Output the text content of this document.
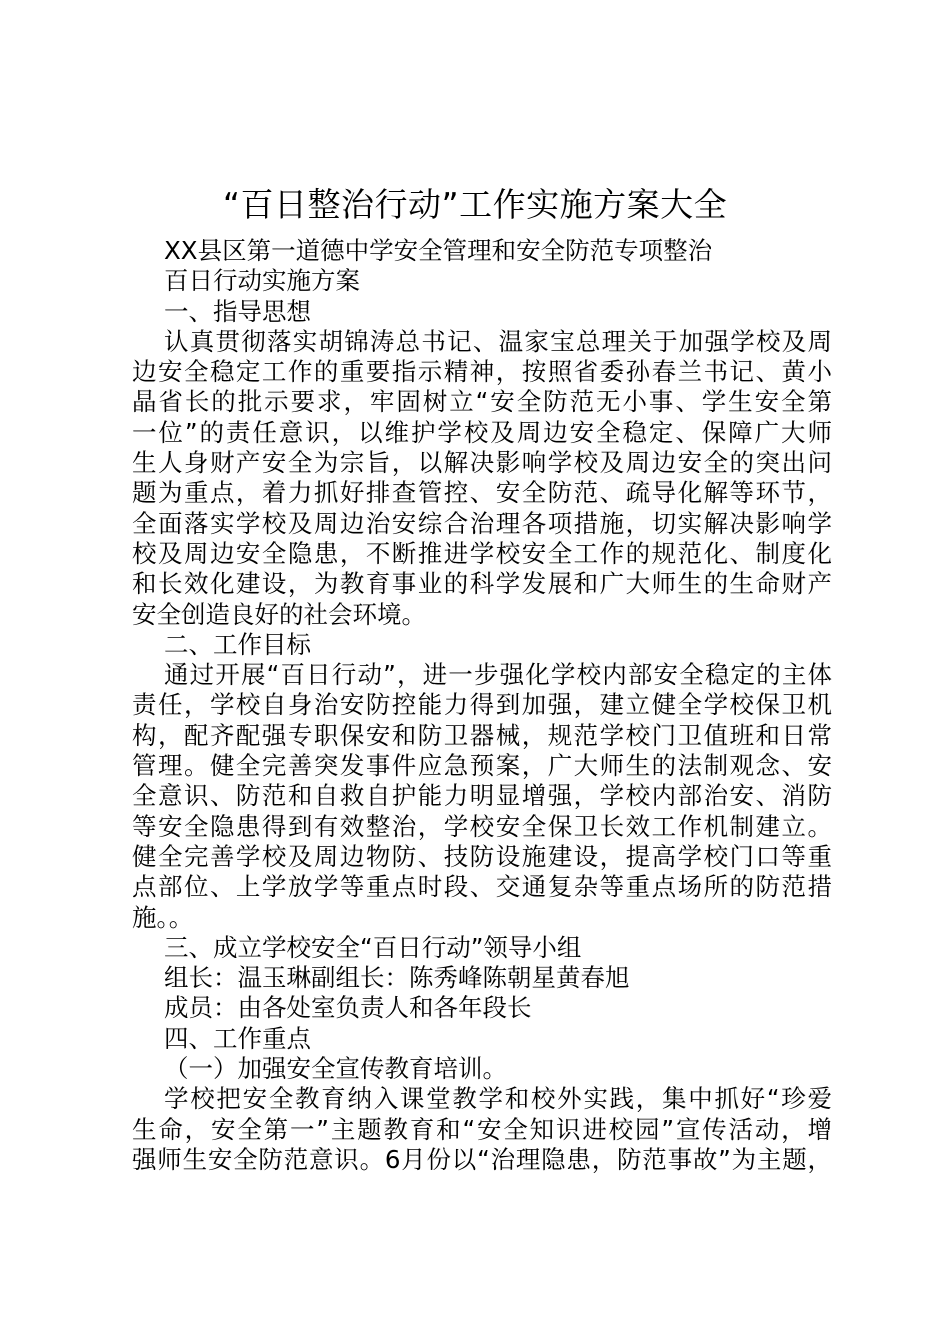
“百日整治行动”工作实施方案大全
XX县区第一道德中学安全管理和安全防范专项整治
百日行动实施方案
一、指导思想
认真贯彻落实胡锦涛总书记、温家宝总理关于加强学校及周
边安全稳定工作的重要指示精神，按照省委孙春兰书记、黄小
晶省长的批示要求，牢固树立“安全防范无小事、学生安全第
一位”的责任意识，以维护学校及周边安全稳定、保障广大师
生人身财产安全为宗旨，以解决影响学校及周边安全的突出问
题为重点，着力抓好排查管控、安全防范、疏导化解等环节，
全面落实学校及周边治安综合治理各项措施，切实解决影响学
校及周边安全隐患，不断推进学校安全工作的规范化、制度化
和长效化建设，为教育事业的科学发展和广大师生的生命财产
安全创造良好的社会环境。
二、工作目标
通过开展“百日行动”，进一步强化学校内部安全稳定的主体
责任，学校自身治安防控能力得到加强，建立健全学校保卫机
构，配齐配强专职保安和防卫器械，规范学校门卫值班和日常
管理。健全完善突发事件应急预案，广大师生的法制观念、安
全意识、防范和自救自护能力明显增强，学校内部治安、消防
等安全隐患得到有效整治，学校安全保卫长效工作机制建立。
健全完善学校及周边物防、技防设施建设，提高学校门口等重
点部位、上学放学等重点时段、交通复杂等重点场所的防范措
施。。
三、成立学校安全“百日行动”领导小组
组长：温玉琳副组长：陈秀峰陈朝星黄春旭
成员：由各处室负责人和各年段长
四、工作重点
（一）加强安全宣传教育培训。
学校把安全教育纳入课堂教学和校外实践，集中抓好“珍爱
生命，安全第一”主题教育和“安全知识进校园”宣传活动，增
强师生安全防范意识。6月份以“治理隐患，防范事故”为主题，
